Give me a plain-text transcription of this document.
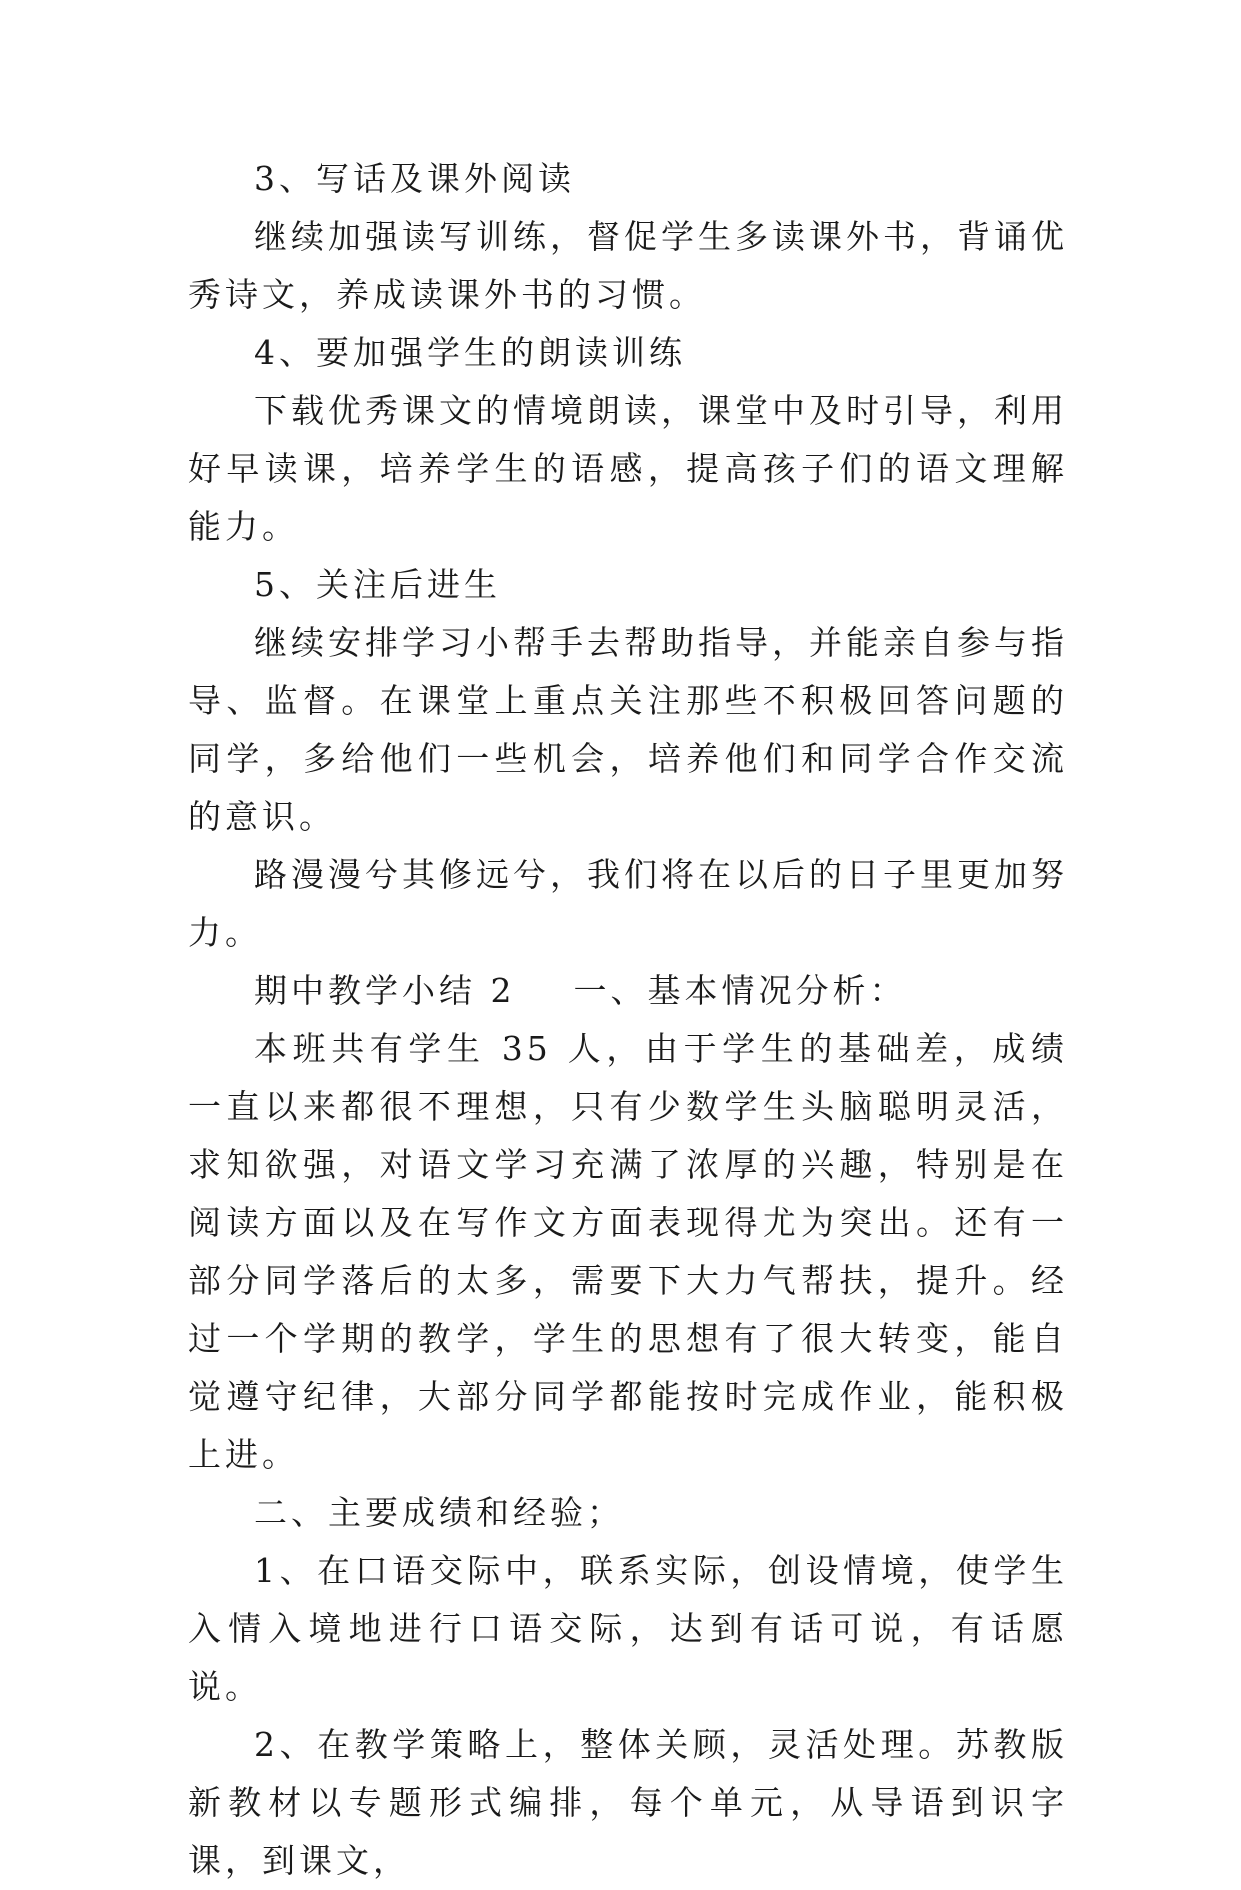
3、写话及课外阅读

继续加强读写训练，督促学生多读课外书，背诵优秀诗文，养成读课外书的习惯。

4、要加强学生的朗读训练

下载优秀课文的情境朗读，课堂中及时引导，利用好早读课，培养学生的语感，提高孩子们的语文理解能力。

5、关注后进生

继续安排学习小帮手去帮助指导，并能亲自参与指导、监督。在课堂上重点关注那些不积极回答问题的同学，多给他们一些机会，培养他们和同学合作交流的意识。

路漫漫兮其修远兮，我们将在以后的日子里更加努力。

期中教学小结 2 一、基本情况分析：

本班共有学生 35 人，由于学生的基础差，成绩一直以来都很不理想，只有少数学生头脑聪明灵活，求知欲强，对语文学习充满了浓厚的兴趣，特别是在阅读方面以及在写作文方面表现得尤为突出。还有一部分同学落后的太多，需要下大力气帮扶，提升。经过一个学期的教学，学生的思想有了很大转变，能自觉遵守纪律，大部分同学都能按时完成作业，能积极上进。

二、主要成绩和经验；

1、在口语交际中，联系实际，创设情境，使学生入情入境地进行口语交际，达到有话可说，有话愿说。

2、在教学策略上，整体关顾，灵活处理。苏教版新教材以专题形式编排，每个单元，从导语到识字课，到课文，
